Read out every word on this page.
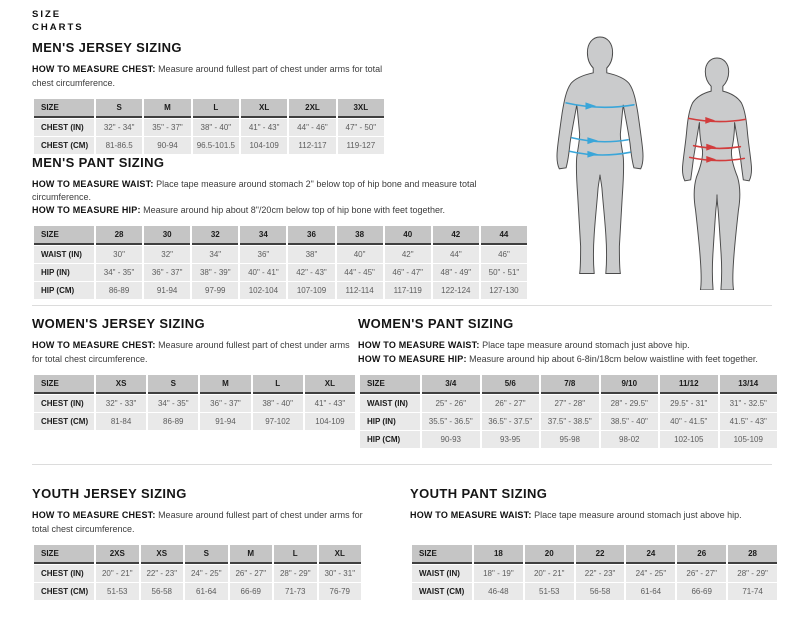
SIZE
CHARTS
MEN'S JERSEY SIZING

HOW TO MEASURE CHEST: Measure around fullest part of chest under arms for total chest circumference.

SIZE	S	M	L	XL	2XL	3XL
CHEST (IN)	32" - 34"	35" - 37"	38" - 40"	41" - 43"	44" - 46"	47" - 50"
CHEST (CM)	81-86.5	90-94	96.5-101.5	104-109	112-117	119-127
MEN'S PANT SIZING

HOW TO MEASURE WAIST: Place tape measure around stomach 2" below top of hip bone and measure total circumference.

HOW TO MEASURE HIP: Measure around hip about 8"/20cm below top of hip bone with feet together.

SIZE	28	30	32	34	36	38	40	42	44
WAIST (IN)	30"	32"	34"	36"	38"	40"	42"	44"	46"
HIP (IN)	34" - 35"	36" - 37"	38" - 39"	40" - 41"	42" - 43"	44" - 45"	46" - 47"	48" - 49"	50" - 51"
HIP (CM)	86-89	91-94	97-99	102-104	107-109	112-114	117-119	122-124	127-130
WOMEN'S JERSEY SIZING

HOW TO MEASURE CHEST: Measure around fullest part of chest under arms for total chest circumference.

SIZE	XS	S	M	L	XL
CHEST (IN)	32" - 33"	34" - 35"	36" - 37"	38" - 40"	41" - 43"
CHEST (CM)	81-84	86-89	91-94	97-102	104-109
WOMEN'S PANT SIZING

HOW TO MEASURE WAIST: Place tape measure around stomach just above hip.

HOW TO MEASURE HIP: Measure around hip about 6-8in/18cm below waistline with feet together.

SIZE	3/4	5/6	7/8	9/10	11/12	13/14
WAIST (IN)	25" - 26"	26" - 27"	27" - 28"	28" - 29.5"	29.5" - 31"	31" - 32.5"
HIP (IN)	35.5" - 36.5"	36.5" - 37.5"	37.5" - 38.5"	38.5" - 40"	40" - 41.5"	41.5" - 43"
HIP (CM)	90-93	93-95	95-98	98-02	102-105	105-109
YOUTH JERSEY SIZING

HOW TO MEASURE CHEST: Measure around fullest part of chest under arms for total chest circumference.

SIZE	2XS	XS	S	M	L	XL
CHEST (IN)	20" - 21"	22" - 23"	24" - 25"	26" - 27"	28" - 29"	30" - 31"
CHEST (CM)	51-53	56-58	61-64	66-69	71-73	76-79
YOUTH PANT SIZING

HOW TO MEASURE WAIST: Place tape measure around stomach just above hip.

SIZE	18	20	22	24	26	28
WAIST (IN)	18" - 19"	20" - 21"	22" - 23"	24" - 25"	26" - 27"	28" - 29"
WAIST (CM)	46-48	51-53	56-58	61-64	66-69	71-74
